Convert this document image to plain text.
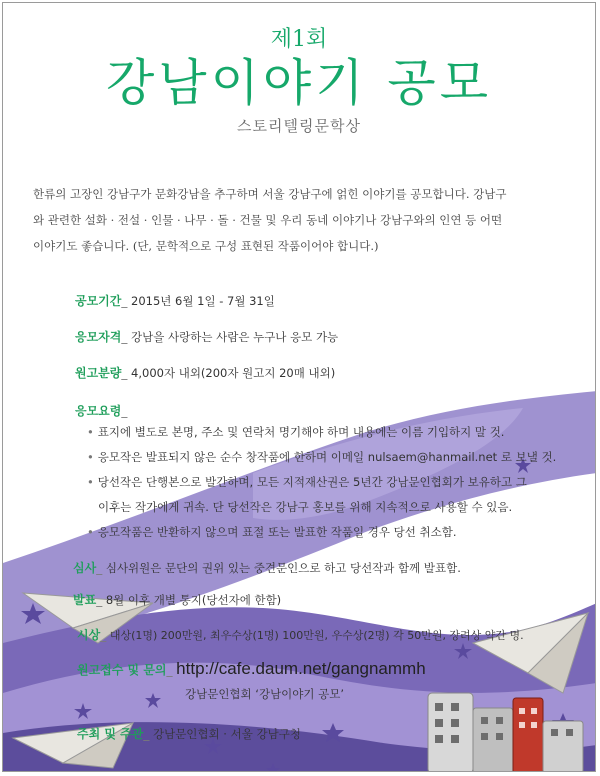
제1회
강남이야기 공모
스토리텔링문학상
한류의 고장인 강남구가 문화강남을 추구하며 서울 강남구에 얽힌 이야기를 공모합니다. 강남구
와 관련한 설화 · 전설 · 인물 · 나무 · 돌 · 건물 및 우리 동네 이야기나 강남구와의 인연 등 어떤
이야기도 좋습니다. (단, 문학적으로 구성 표현된 작품이어야 합니다.)
공모기간_ 2015년 6월 1일 - 7월 31일
응모자격_ 강남을 사랑하는 사람은 누구나 응모 가능
원고분량_ 4,000자 내외(200자 원고지 20매 내외)
응모요령_
• 표지에 별도로 본명, 주소 및 연락처 명기해야 하며 내용에는 이름 기입하지 말 것.
• 응모작은 발표되지 않은 순수 창작품에 한하며 이메일 nulsaem@hanmail.net 로 보낼 것.
• 당선작은 단행본으로 발간하며, 모든 지적재산권은 5년간 강남문인협회가 보유하고 그
이후는 작가에게 귀속. 단 당선작은 강남구 홍보를 위해 지속적으로 사용할 수 있음.
• 응모작품은 반환하지 않으며 표절 또는 발표한 작품일 경우 당선 취소함.
심사_ 심사위원은 문단의 권위 있는 중견문인으로 하고 당선작과 함께 발표함.
발표_ 8월 이후 개별 통지(당선자에 한함)
시상_ 대상(1명) 200만원, 최우수상(1명) 100만원, 우수상(2명) 각 50만원, 장려상 약간 명.
원고접수 및 문의_ http://cafe.daum.net/gangnammh
강남문인협회 ‘강남이야기 공모’
주최 및 주관_ 강남문인협회 · 서울 강남구청
